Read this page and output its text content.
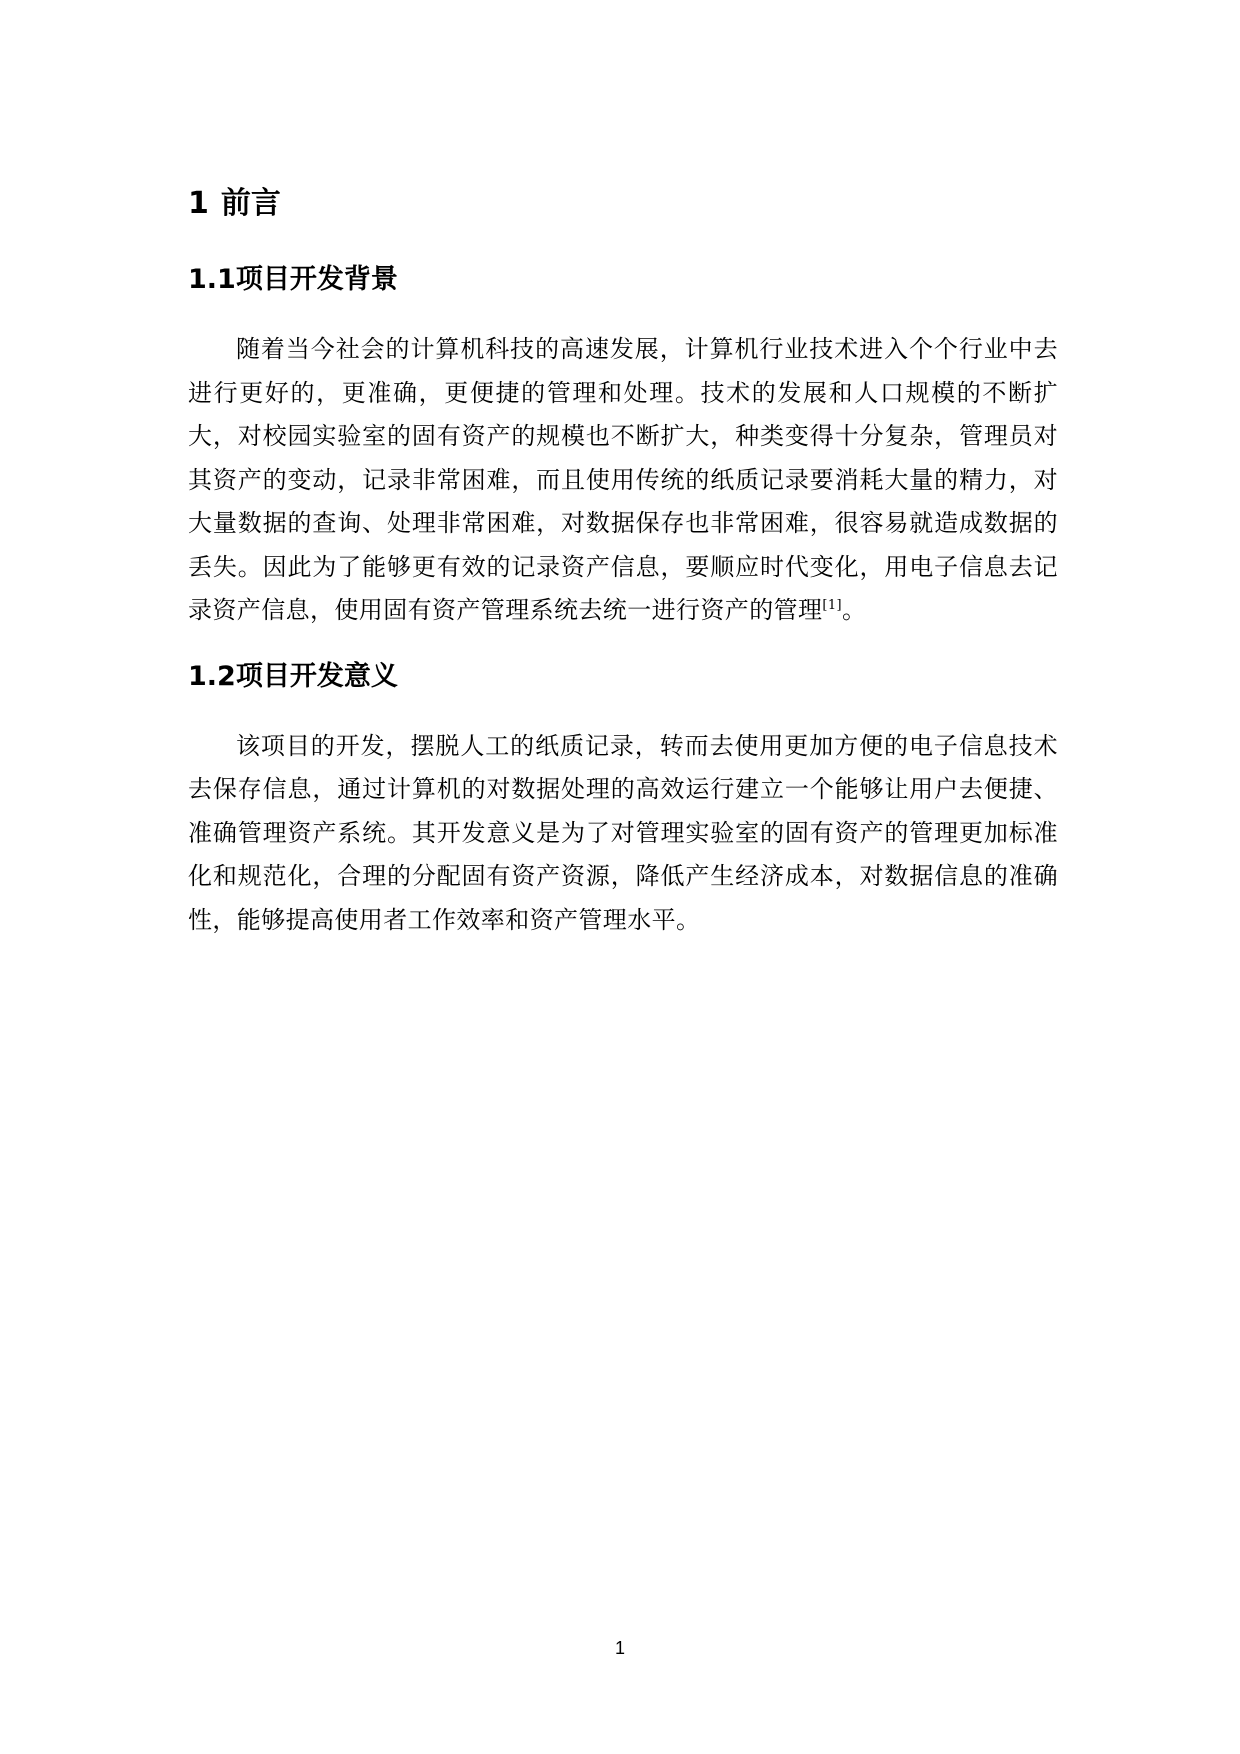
1 前言
1.1项目开发背景

随着当今社会的计算机科技的高速发展，计算机行业技术进入个个行业中去进行更好的，更准确，更便捷的管理和处理。技术的发展和人口规模的不断扩大，对校园实验室的固有资产的规模也不断扩大，种类变得十分复杂，管理员对其资产的变动，记录非常困难，而且使用传统的纸质记录要消耗大量的精力，对大量数据的查询、处理非常困难，对数据保存也非常困难，很容易就造成数据的丢失。因此为了能够更有效的记录资产信息，要顺应时代变化，用电子信息去记录资产信息，使用固有资产管理系统去统一进行资产的管理[1]。

1.2项目开发意义

该项目的开发，摆脱人工的纸质记录，转而去使用更加方便的电子信息技术去保存信息，通过计算机的对数据处理的高效运行建立一个能够让用户去便捷、准确管理资产系统。其开发意义是为了对管理实验室的固有资产的管理更加标准化和规范化，合理的分配固有资产资源，降低产生经济成本，对数据信息的准确性，能够提高使用者工作效率和资产管理水平。

1
